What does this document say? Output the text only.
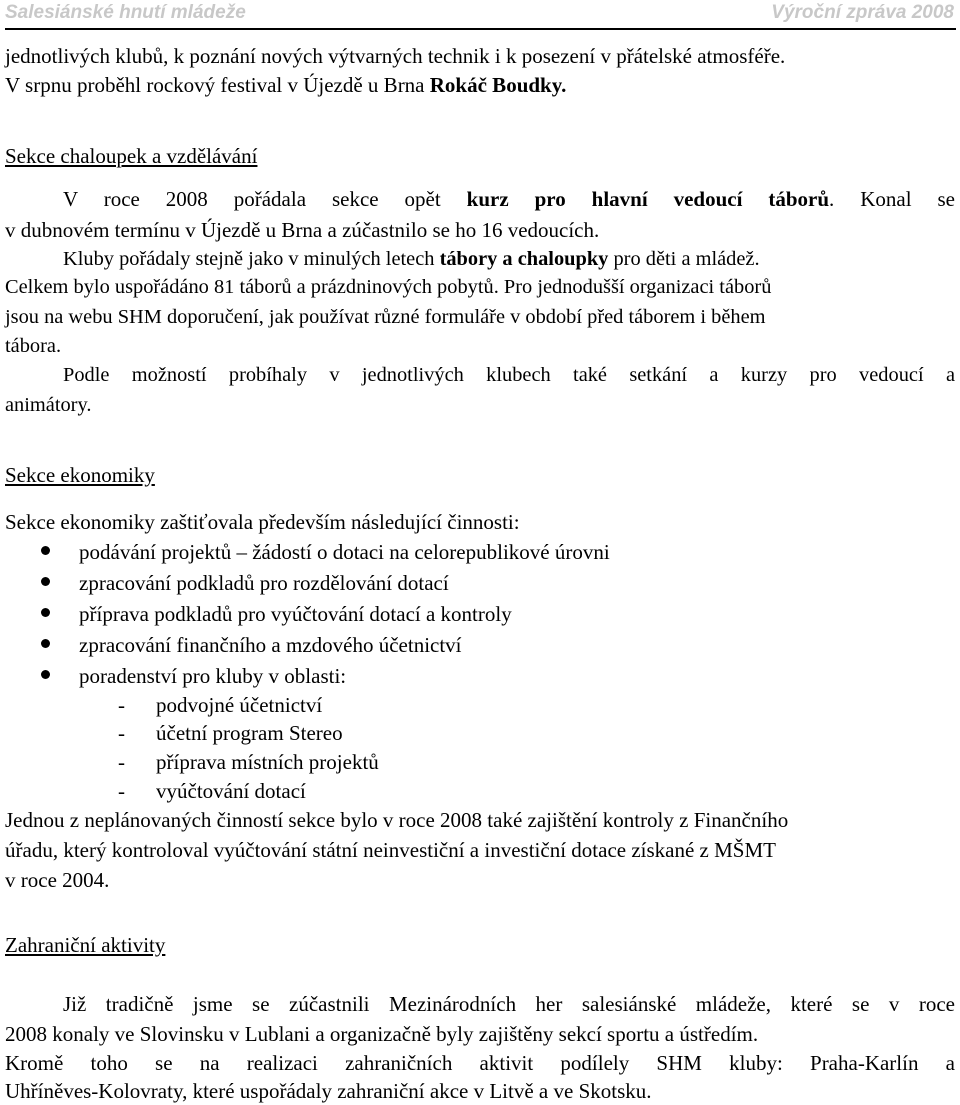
Salesiánské hnutí mládeže	Výroční zpráva 2008
jednotlivých klubů, k poznání nových výtvarných technik i k posezení v přátelské atmosféře.
V srpnu proběhl rockový festival v Újezdě u Brna Rokáč Boudky.
Sekce chaloupek a vzdělávání
V roce 2008 pořádala sekce opět kurz pro hlavní vedoucí táborů. Konal se
v dubnovém termínu v Újezdě u Brna a zúčastnilo se ho 16 vedoucích.
Kluby pořádaly stejně jako v minulých letech tábory a chaloupky pro děti a mládež.
Celkem bylo uspořádáno 81 táborů a prázdninových pobytů. Pro jednodušší organizaci táborů
jsou na webu SHM doporučení, jak používat různé formuláře v období před táborem i během
tábora.
Podle možností probíhaly v jednotlivých klubech také setkání a kurzy pro vedoucí a
animátory.
Sekce ekonomiky
Sekce ekonomiky zaštiťovala především následující činnosti:
podávání projektů – žádostí o dotaci na celorepublikové úrovni
zpracování podkladů pro rozdělování dotací
příprava podkladů pro vyúčtování dotací a kontroly
zpracování finančního a mzdového účetnictví
poradenství pro kluby v oblasti:
- podvojné účetnictví
- účetní program Stereo
- příprava místních projektů
- vyúčtování dotací
Jednou z neplánovaných činností sekce bylo v roce 2008 také zajištění kontroly z Finančního
úřadu, který kontroloval vyúčtování státní neinvestiční a investiční dotace získané z MŠMT
v roce 2004.
Zahraniční aktivity
Již tradičně jsme se zúčastnili Mezinárodních her salesiánské mládeže, které se v roce
2008 konaly ve Slovinsku v Lublani a organizačně byly zajištěny sekcí sportu a ústředím.
Kromě toho se na realizaci zahraničních aktivit podílely SHM kluby: Praha-Karlín a
Uhříněves-Kolovraty, které uspořádaly zahraniční akce v Litvě a ve Skotsku.
